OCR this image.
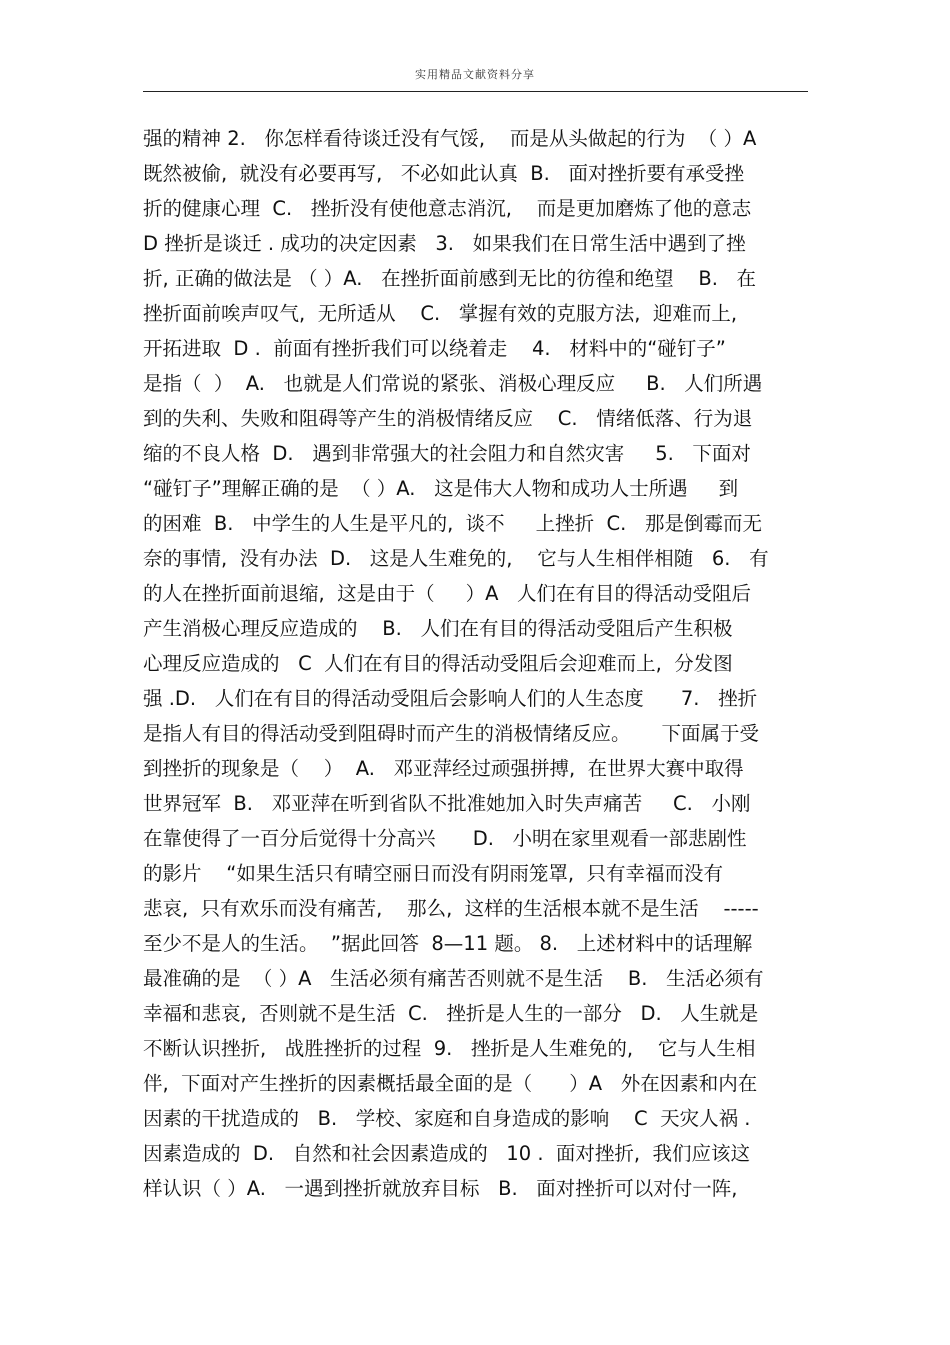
实用精品文献资料分享
强的精神 2.   你怎样看待谈迁没有气馁,    而是从头做起的行为  （ ）A
既然被偷,  就没有必要再写,   不必如此认真  B.   面对挫折要有承受挫
折的健康心理  C.   挫折没有使他意志消沉,    而是更加磨炼了他的意志
D 挫折是谈迁 . 成功的决定因素   3.   如果我们在日常生活中遇到了挫
折, 正确的做法是 （ ）A.   在挫折面前感到无比的彷徨和绝望    B.   在
挫折面前唉声叹气,  无所适从    C.   掌握有效的克服方法,  迎难而上,
开拓进取  D .  前面有挫折我们可以绕着走    4.   材料中的“碰钉子”
是指（  ）  A.   也就是人们常说的紧张、消极心理反应     B.   人们所遇
到的失利、失败和阻碍等产生的消极情绪反应    C.   情绪低落、行为退
缩的不良人格  D.   遇到非常强大的社会阻力和自然灾害     5.   下面对
“碰钉子”理解正确的是  （ ）A.   这是伟大人物和成功人士所遇     到
的困难  B.   中学生的人生是平凡的,  谈不     上挫折  C.   那是倒霉而无
奈的事情,  没有办法  D.   这是人生难免的,    它与人生相伴相随   6.   有
的人在挫折面前退缩,  这是由于（     ）A   人们在有目的得活动受阻后
产生消极心理反应造成的    B.   人们在有目的得活动受阻后产生积极
心理反应造成的   C  人们在有目的得活动受阻后会迎难而上,  分发图
强 .D.   人们在有目的得活动受阻后会影响人们的人生态度      7.   挫折
是指人有目的得活动受到阻碍时而产生的消极情绪反应。     下面属于受
到挫折的现象是（    ）  A.   邓亚萍经过顽强拼搏,  在世界大赛中取得
世界冠军  B.   邓亚萍在听到省队不批准她加入时失声痛苦     C.   小刚
在靠使得了一百分后觉得十分高兴      D.   小明在家里观看一部悲剧性
的影片    “如果生活只有晴空丽日而没有阴雨笼罩,  只有幸福而没有
悲哀,  只有欢乐而没有痛苦,    那么,  这样的生活根本就不是生活    -----
至少不是人的生活。  ”据此回答  8—11 题。 8.   上述材料中的话理解
最准确的是  （ ）A   生活必须有痛苦否则就不是生活    B.   生活必须有
幸福和悲哀,  否则就不是生活  C.   挫折是人生的一部分   D.   人生就是
不断认识挫折,   战胜挫折的过程  9.   挫折是人生难免的,    它与人生相
伴,  下面对产生挫折的因素概括最全面的是（      ）A   外在因素和内在
因素的干扰造成的   B.   学校、家庭和自身造成的影响    C  天灾人祸 .
因素造成的  D.   自然和社会因素造成的   10 .  面对挫折,  我们应该这
样认识（ ）A.   一遇到挫折就放弃目标   B.   面对挫折可以对付一阵,
